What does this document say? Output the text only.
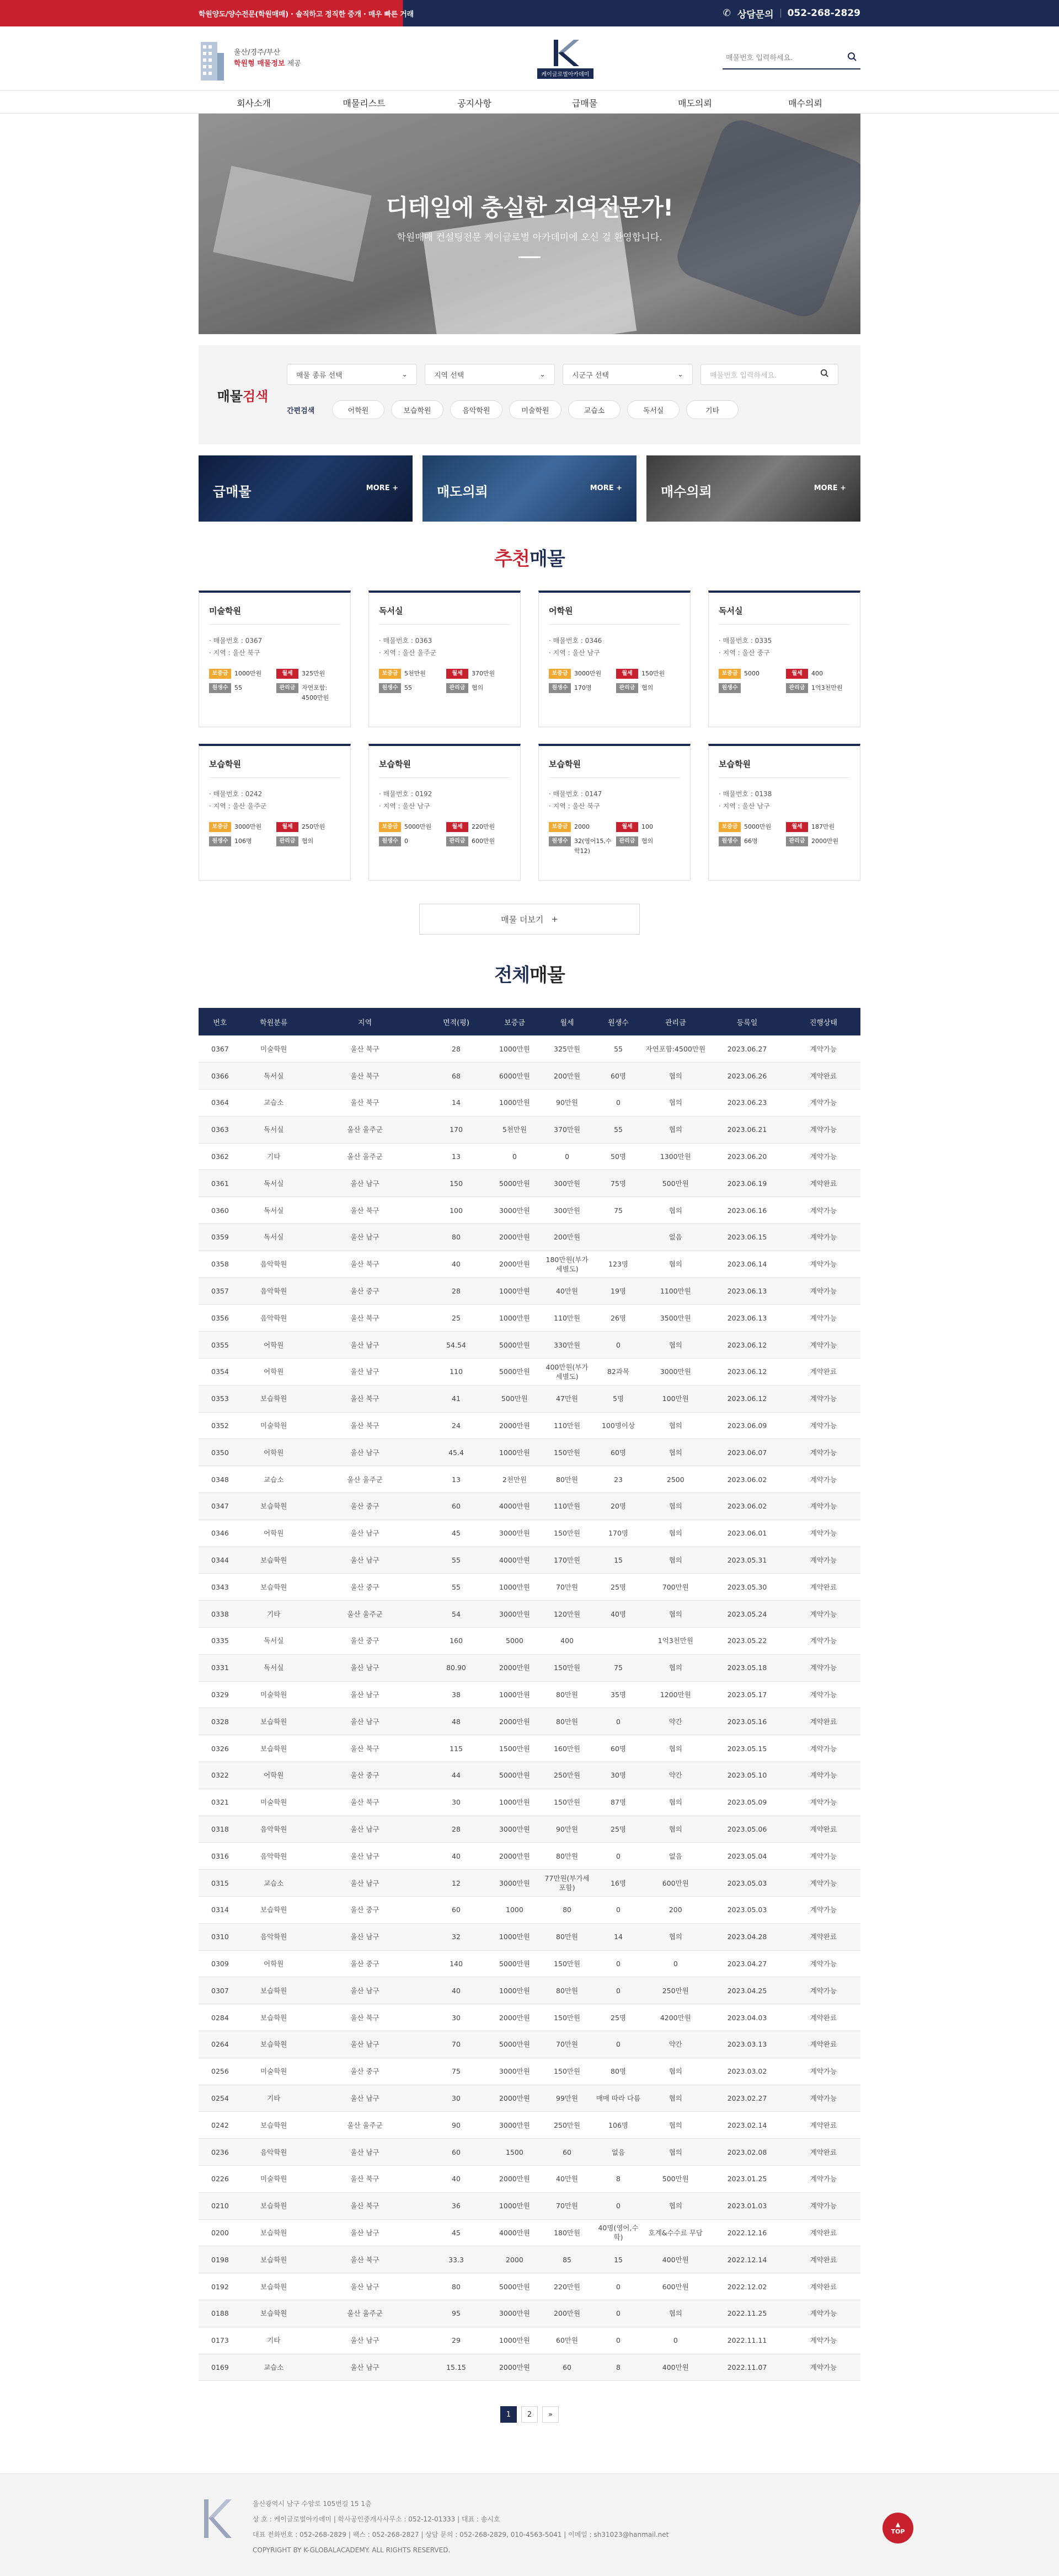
학원양도/양수전문(학원매매) · 솔직하고 정직한 중개 · 매우 빠른 거래	✆ 상담문의 052-268-2829
울산/경주/부산
학원형 매물정보 제공
케이글로벌아카데미
매물번호 입력하세요.
회사소개	매물리스트	공지사항	급매물	매도의뢰	매수의뢰
디테일에 충실한 지역전문가!

학원매매 컨설팅전문 케이글로벌 아카데미에 오신 걸 환영합니다.

매물 검색
매물 종류 선택	⌄	지역 선택	⌄	시군구 선택	⌄	매물번호 입력하세요.
간편검색	어학원	보습학원	음악학원	미술학원	교습소	독서실	기타
급매물	MORE +	매도의뢰	MORE +	매수의뢰	MORE +
추천매물
미술학원
· 매물번호 : 0367
· 지역 : 울산 북구
보증금	1000만원	월세	325만원
원생수	55	관리금	자연포함: 4500만원
독서실
· 매물번호 : 0363
· 지역 : 울산 울주군
보증금	5천만원	월세	370만원
원생수	55	관리금	협의
어학원
· 매물번호 : 0346
· 지역 : 울산 남구
보증금	3000만원	월세	150만원
원생수	170명	관리금	협의
독서실
· 매물번호 : 0335
· 지역 : 울산 중구
보증금	5000	월세	400
원생수	관리금	1억3천만원
보습학원
· 매물번호 : 0242
· 지역 : 울산 울주군
보증금	3000만원	월세	250만원
원생수	106명	관리금	협의
보습학원
· 매물번호 : 0192
· 지역 : 울산 남구
보증금	5000만원	월세	220만원
원생수	0	관리금	600만원
보습학원
· 매물번호 : 0147
· 지역 : 울산 북구
보증금	2000	월세	100
원생수	32(영어15,수학12)
관리금	협의
보습학원
· 매물번호 : 0138
· 지역 : 울산 남구
보증금	5000만원	월세	187만원
원생수	66명	관리금	2000만원
매물 더보기 +
전체매물
번호	학원분류	지역	면적(평)	보증금	월세	원생수	관리금	등록일	진행상태
0367	미술학원	울산 북구	28	1000만원	325만원	55	자연포함:4500만원	2023.06.27	계약가능
0366	독서실	울산 북구	68	6000만원	200만원	60명	협의	2023.06.26	계약완료
0364	교습소	울산 북구	14	1000만원	90만원	0	협의	2023.06.23	계약가능
0363	독서실	울산 울주군	170	5천만원	370만원	55	협의	2023.06.21	계약가능
0362	기타	울산 울주군	13	0	0	50명	1300만원	2023.06.20	계약가능
0361	독서실	울산 남구	150	5000만원	300만원	75명	500만원	2023.06.19	계약완료
0360	독서실	울산 북구	100	3000만원	300만원	75	협의	2023.06.16	계약가능
0359	독서실	울산 남구	80	2000만원	200만원		없음	2023.06.15	계약가능
0358	음악학원	울산 북구	40	2000만원	180만원(부가세별도)	123명	협의	2023.06.14	계약가능
0357	음악학원	울산 중구	28	1000만원	40만원	19명	1100만원	2023.06.13	계약가능
0356	음악학원	울산 북구	25	1000만원	110만원	26명	3500만원	2023.06.13	계약가능
0355	어학원	울산 남구	54.54	5000만원	330만원	0	협의	2023.06.12	계약가능
0354	어학원	울산 남구	110	5000만원	400만원(부가세별도)	82과목	3000만원	2023.06.12	계약완료
0353	보습학원	울산 북구	41	500만원	47만원	5명	100만원	2023.06.12	계약가능
0352	미술학원	울산 북구	24	2000만원	110만원	100명이상	협의	2023.06.09	계약가능
0350	어학원	울산 남구	45.4	1000만원	150만원	60명	협의	2023.06.07	계약가능
0348	교습소	울산 울주군	13	2천만원	80만원	23	2500	2023.06.02	계약가능
0347	보습학원	울산 중구	60	4000만원	110만원	20명	협의	2023.06.02	계약가능
0346	어학원	울산 남구	45	3000만원	150만원	170명	협의	2023.06.01	계약가능
0344	보습학원	울산 남구	55	4000만원	170만원	15	협의	2023.05.31	계약가능
0343	보습학원	울산 중구	55	1000만원	70만원	25명	700만원	2023.05.30	계약완료
0338	기타	울산 울주군	54	3000만원	120만원	40명	협의	2023.05.24	계약가능
0335	독서실	울산 중구	160	5000	400		1억3천만원	2023.05.22	계약가능
0331	독서실	울산 남구	80.90	2000만원	150만원	75	협의	2023.05.18	계약가능
0329	미술학원	울산 남구	38	1000만원	80만원	35명	1200만원	2023.05.17	계약가능
0328	보습학원	울산 남구	48	2000만원	80만원	0	약간	2023.05.16	계약완료
0326	보습학원	울산 북구	115	1500만원	160만원	60명	협의	2023.05.15	계약가능
0322	어학원	울산 중구	44	5000만원	250만원	30명	약간	2023.05.10	계약가능
0321	미술학원	울산 북구	30	1000만원	150만원	87명	협의	2023.05.09	계약가능
0318	음악학원	울산 남구	28	3000만원	90만원	25명	협의	2023.05.06	계약완료
0316	음악학원	울산 남구	40	2000만원	80만원	0	없음	2023.05.04	계약가능
0315	교습소	울산 남구	12	3000만원	77만원(부가세포함)	16명	600만원	2023.05.03	계약가능
0314	보습학원	울산 중구	60	1000	80	0	200	2023.05.03	계약가능
0310	음악학원	울산 남구	32	1000만원	80만원	14	협의	2023.04.28	계약완료
0309	어학원	울산 중구	140	5000만원	150만원	0	0	2023.04.27	계약가능
0307	보습학원	울산 남구	40	1000만원	80만원	0	250만원	2023.04.25	계약가능
0284	보습학원	울산 북구	30	2000만원	150만원	25명	4200만원	2023.04.03	계약완료
0264	보습학원	울산 남구	70	5000만원	70만원	0	약간	2023.03.13	계약완료
0256	미술학원	울산 중구	75	3000만원	150만원	80명	협의	2023.03.02	계약가능
0254	기타	울산 남구	30	2000만원	99만원	매매 따라 다름	협의	2023.02.27	계약가능
0242	보습학원	울산 울주군	90	3000만원	250만원	106명	협의	2023.02.14	계약완료
0236	음악학원	울산 남구	60	1500	60	없음	협의	2023.02.08	계약완료
0226	미술학원	울산 북구	40	2000만원	40만원	8	500만원	2023.01.25	계약가능
0210	보습학원	울산 북구	36	1000만원	70만원	0	협의	2023.01.03	계약가능
0200	보습학원	울산 남구	45	4000만원	180만원	40명(영어,수학)	호계&수수료 무담	2022.12.16	계약완료
0198	보습학원	울산 북구	33.3	2000	85	15	400만원	2022.12.14	계약완료
0192	보습학원	울산 남구	80	5000만원	220만원	0	600만원	2022.12.02	계약완료
0188	보습학원	울산 울주군	95	3000만원	200만원	0	협의	2022.11.25	계약가능
0173	기타	울산 남구	29	1000만원	60만원	0	0	2022.11.11	계약가능
0169	교습소	울산 남구	15.15	2000만원	60	8	400만원	2022.11.07	계약가능
1	2	»
울산광역시 남구 수암로 105번길 15 1층
상 호 : 케이글로벌아카데미 | 학사공인중개사사무소 : 052-12-01333 | 대표 : 송시호
대표 전화번호 : 052-268-2829 | 팩스 : 052-268-2827 | 상담 문의 : 052-268-2829, 010-4563-5041 | 이메일 : sh31023@hanmail.net
COPYRIGHT BY K-GLOBALACADEMY. ALL RIGHTS RESERVED.
▲
TOP
